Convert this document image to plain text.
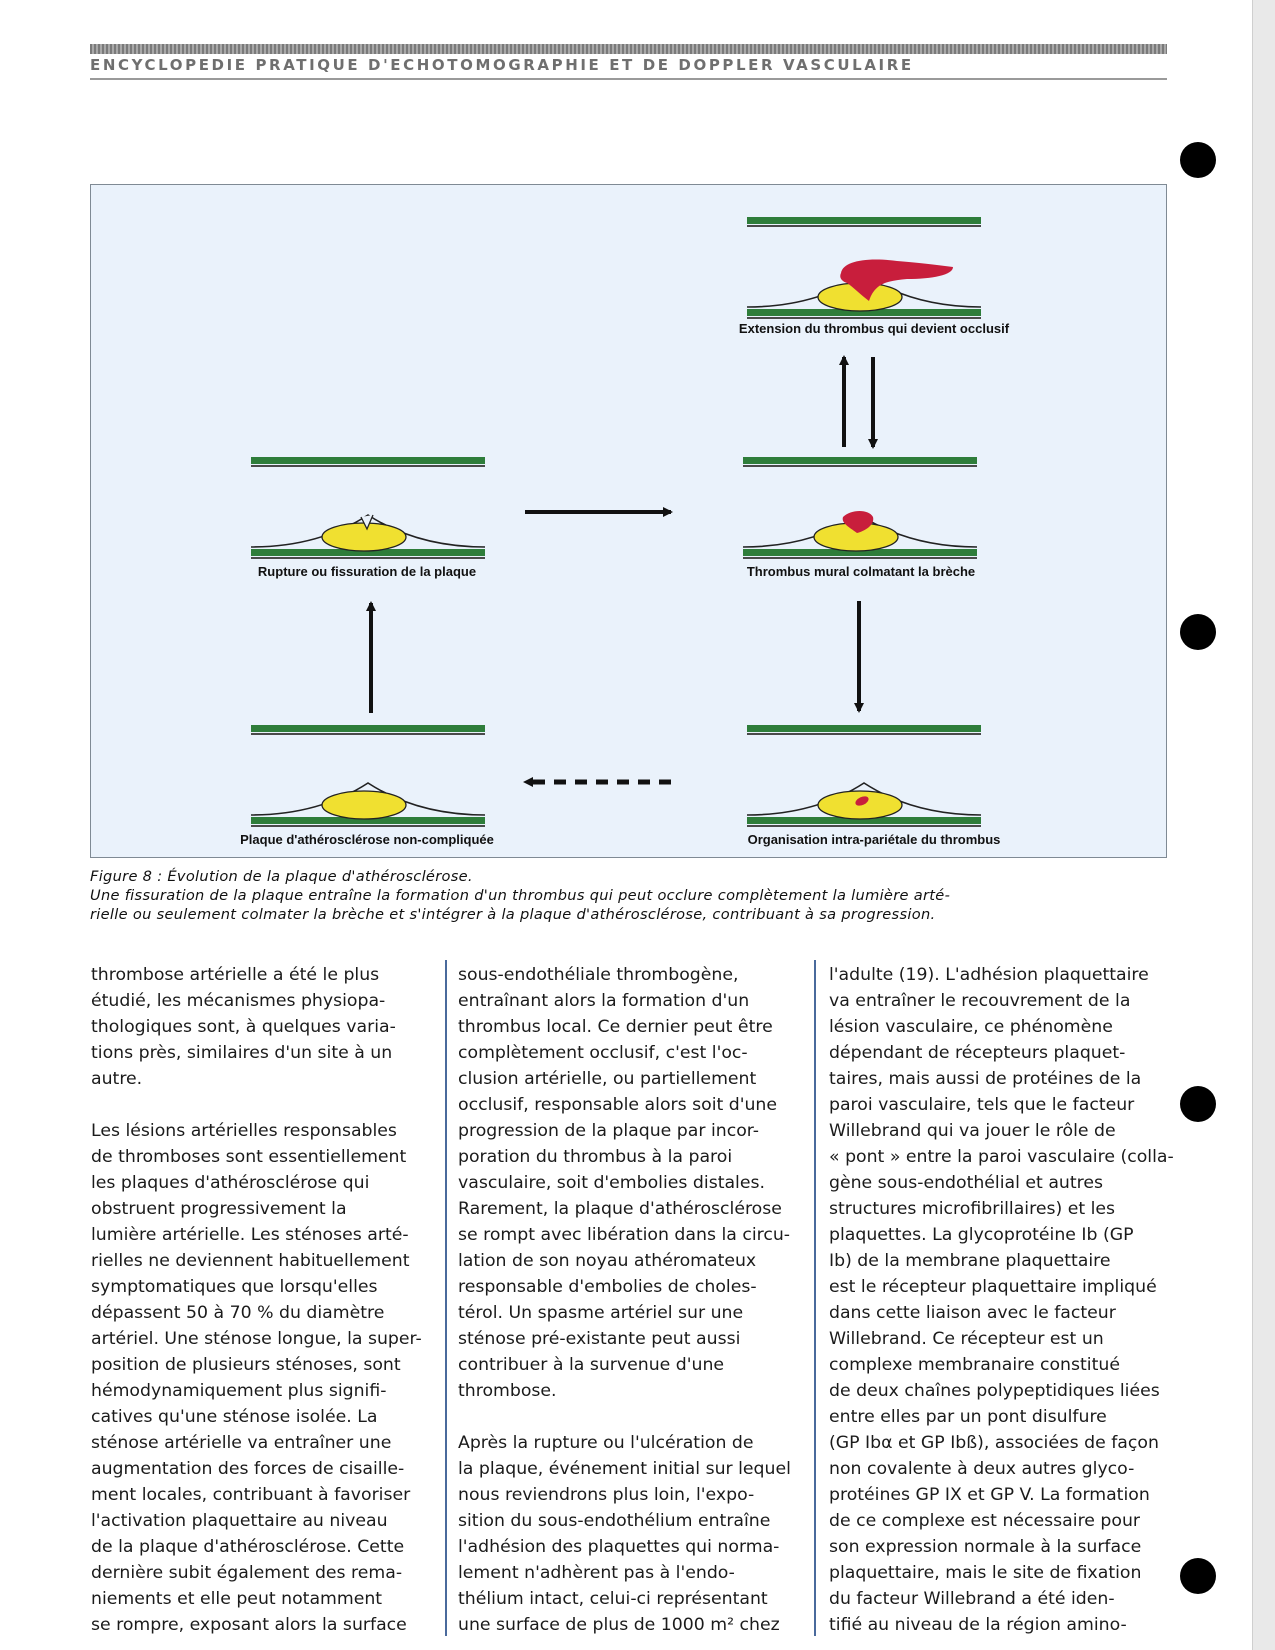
ENCYCLOPEDIE PRATIQUE D'ECHOTOMOGRAPHIE ET DE DOPPLER VASCULAIRE
Extension du thrombus qui devient occlusif
Rupture ou fissuration de la plaque	Thrombus mural colmatant la brèche
Plaque d'athérosclérose non-compliquée	Organisation intra-pariétale du thrombus
Figure 8 : Évolution de la plaque d'athérosclérose.
Une fissuration de la plaque entraîne la formation d'un thrombus qui peut occlure complètement la lumière arté-
rielle ou seulement colmater la brèche et s'intégrer à la plaque d'athérosclérose, contribuant à sa progression.
thrombose artérielle a été le plus
étudié, les mécanismes physiopa-
thologiques sont, à quelques varia-
tions près, similaires d'un site à un
autre.
Les lésions artérielles responsables
de thromboses sont essentiellement
les plaques d'athérosclérose qui
obstruent progressivement la
lumière artérielle. Les sténoses arté-
rielles ne deviennent habituellement
symptomatiques que lorsqu'elles
dépassent 50 à 70 % du diamètre
artériel. Une sténose longue, la super-
position de plusieurs sténoses, sont
hémodynamiquement plus signifi-
catives qu'une sténose isolée. La
sténose artérielle va entraîner une
augmentation des forces de cisaille-
ment locales, contribuant à favoriser
l'activation plaquettaire au niveau
de la plaque d'athérosclérose. Cette
dernière subit également des rema-
niements et elle peut notamment
se rompre, exposant alors la surface
sous-endothéliale thrombogène,
entraînant alors la formation d'un
thrombus local. Ce dernier peut être
complètement occlusif, c'est l'oc-
clusion artérielle, ou partiellement
occlusif, responsable alors soit d'une
progression de la plaque par incor-
poration du thrombus à la paroi
vasculaire, soit d'embolies distales.
Rarement, la plaque d'athérosclérose
se rompt avec libération dans la circu-
lation de son noyau athéromateux
responsable d'embolies de choles-
térol. Un spasme artériel sur une
sténose pré-existante peut aussi
contribuer à la survenue d'une
thrombose.
Après la rupture ou l'ulcération de
la plaque, événement initial sur lequel
nous reviendrons plus loin, l'expo-
sition du sous-endothélium entraîne
l'adhésion des plaquettes qui norma-
lement n'adhèrent pas à l'endo-
thélium intact, celui-ci représentant
une surface de plus de 1000 m² chez
l'adulte (19). L'adhésion plaquettaire
va entraîner le recouvrement de la
lésion vasculaire, ce phénomène
dépendant de récepteurs plaquet-
taires, mais aussi de protéines de la
paroi vasculaire, tels que le facteur
Willebrand qui va jouer le rôle de
« pont » entre la paroi vasculaire (colla-
gène sous-endothélial et autres
structures microfibrillaires) et les
plaquettes. La glycoprotéine Ib (GP
Ib) de la membrane plaquettaire
est le récepteur plaquettaire impliqué
dans cette liaison avec le facteur
Willebrand. Ce récepteur est un
complexe membranaire constitué
de deux chaînes polypeptidiques liées
entre elles par un pont disulfure
(GP Ibα et GP Ibß), associées de façon
non covalente à deux autres glyco-
protéines GP IX et GP V. La formation
de ce complexe est nécessaire pour
son expression normale à la surface
plaquettaire, mais le site de fixation
du facteur Willebrand a été iden-
tifié au niveau de la région amino-
